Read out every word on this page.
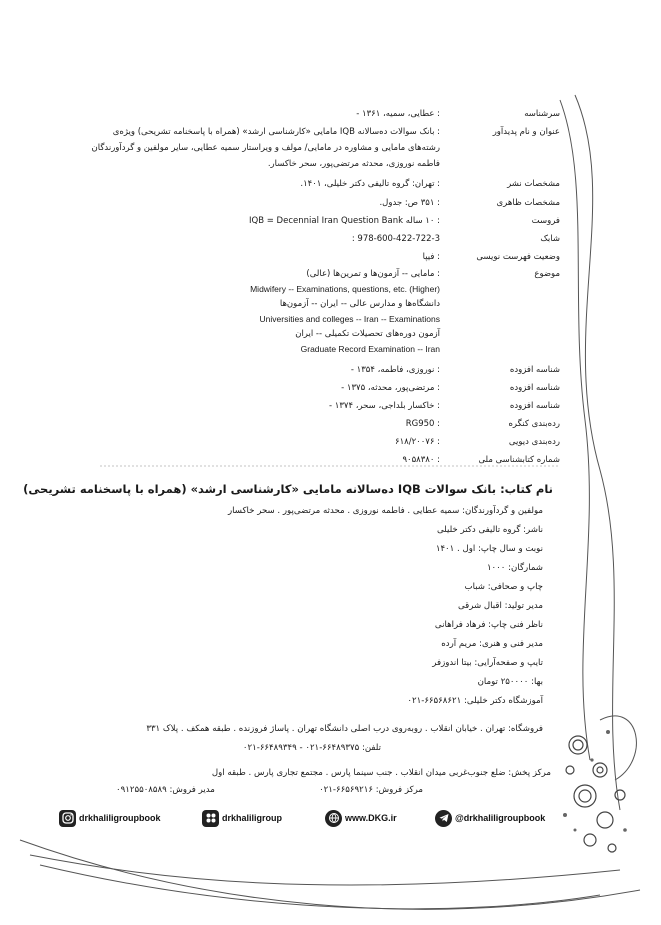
سرشناسه
: عطایی، سمیه، ۱۳۶۱ -
عنوان و نام پدیدآور
: بانک سوالات ده‌سالانه IQB مامایی «کارشناسی ارشد» (همراه با پاسخنامه تشریحی) ویژه‌ی
رشته‌های مامایی و مشاوره در مامایی/ مولف و ویراستار سمیه عطایی، سایر مولفین و گردآورندگان
فاطمه نوروزی، محدثه مرتضی‌پور، سحر خاکسار.
مشخصات نشر
: تهران: گروه تالیفی دکتر خلیلی، ۱۴۰۱.
مشخصات ظاهری
: ۳۵۱ ص: جدول.
فروست
: ۱۰ ساله IQB = Decennial Iran Question Bank
شابک
978-600-422-722-3 :
وضعیت فهرست نویسی
: فیپا
موضوع
: مامایی -- آزمون‌ها و تمرین‌ها (عالی)
Midwifery -- Examinations, questions, etc. (Higher)
دانشگاه‌ها و مدارس عالی -- ایران -- آزمون‌ها
Universities and colleges -- Iran -- Examinations
آزمون دوره‌های تحصیلات تکمیلی -- ایران
Graduate Record Examination -- Iran
شناسه افزوده
: نوروزی، فاطمه، ۱۳۵۴ -
شناسه افزوده
: مرتضی‌پور، محدثه، ۱۳۷۵ -
شناسه افزوده
: خاکسار بلداجی، سحر، ۱۳۷۴ -
رده‌بندی کنگره
: RG950
رده‌بندی دیویی
: ۶۱۸/۲۰۰۷۶
شماره کتابشناسی ملی
: ۹۰۵۸۳۸۰
نام کتاب: بانک سوالات IQB ده‌سالانه مامایی «کارشناسی ارشد» (همراه با پاسخنامه تشریحی)
مولفین و گردآورندگان: سمیه عطایی . فاطمه نوروزی . محدثه مرتضی‌پور . سحر خاکسار
ناشر: گروه تالیفی دکتر خلیلی
نوبت و سال چاپ: اول . ۱۴۰۱
شمارگان: ۱۰۰۰
چاپ و صحافی: شباب
مدیر تولید: اقبال شرقی
ناظر فنی چاپ: فرهاد فراهانی
مدیر فنی و هنری: مریم آرده
تایپ و صفحه‌آرایی: بیتا اندوزفر
بها: ۲۵۰۰۰۰ تومان
آموزشگاه دکتر خلیلی: ۶۶۵۶۸۶۲۱-۰۲۱
فروشگاه: تهران . خیابان انقلاب . روبه‌روی درب اصلی دانشگاه تهران . پاساژ فروزنده . طبقه همکف . پلاک ۳۳۱
تلفن: ۶۶۴۸۹۳۷۵-۰۲۱ - ۶۶۴۸۹۳۴۹-۰۲۱
مرکز پخش: ضلع جنوب‌غربی میدان انقلاب . جنب سینما پارس . مجتمع تجاری پارس . طبقه اول
مرکز فروش: ۶۶۵۶۹۲۱۶-۰۲۱
مدیر فروش: ۰۹۱۲۵۵۰۸۵۸۹
drkhaliligroupbook	drkhaliligroup	www.DKG.ir	@drkhaliligroupbook
